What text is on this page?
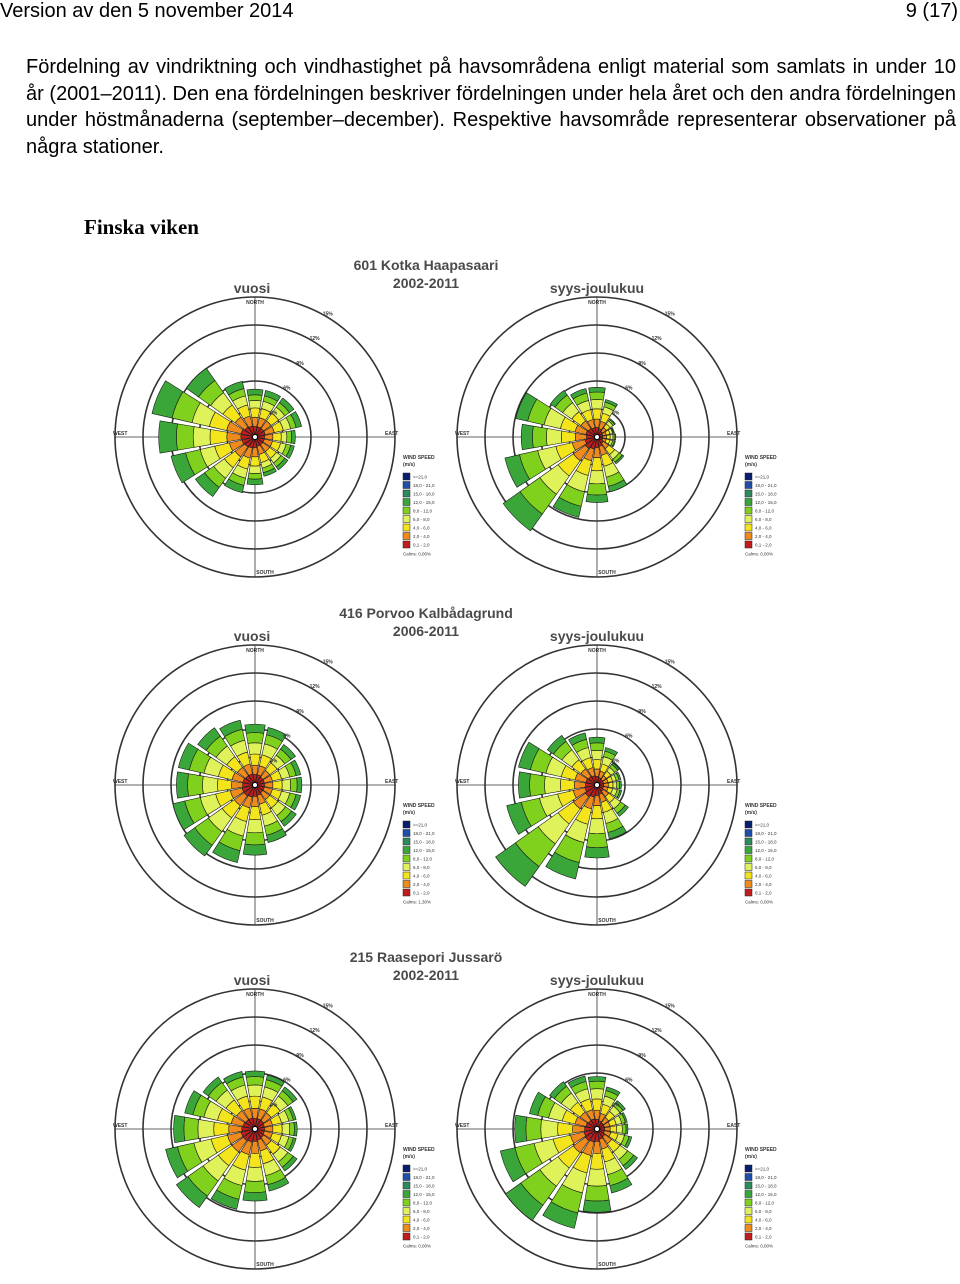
Version av den 5 november 2014	9 (17)

Fördelning av vindriktning och vindhastighet på havsområdena enligt material som samlats in under 10 år (2001–2011). Den ena fördelningen beskriver fördelningen under hela året och den andra fördelningen under höstmånaderna (september–december). Respektive havsområde representerar observationer på några stationer.

Finska viken
601 Kotka Haapasaari
2002-2011
vuosi
NORTH
SOUTH
WEST	EAST
3%
6%
9%
12%
15%
WIND SPEED
(m/s)
>=21,0
18,0 - 21,0
15,0 - 18,0
12,0 - 15,0
8,0 - 12,0
6,0 - 8,0
4,0 - 6,0
2,0 - 4,0
0,1 - 2,0
Calms: 0,00%
syys-joulukuu
NORTH
SOUTH
WEST	EAST
3%
6%
9%
12%
15%
WIND SPEED
(m/s)
>=21,0
18,0 - 21,0
15,0 - 18,0
12,0 - 15,0
8,0 - 12,0
6,0 - 8,0
4,0 - 6,0
2,0 - 4,0
0,1 - 2,0
Calms: 0,00%
416 Porvoo Kalbådagrund
2006-2011
vuosi
NORTH
SOUTH
WEST	EAST
3%
6%
9%
12%
15%
WIND SPEED
(m/s)
>=21,0
18,0 - 21,0
15,0 - 18,0
12,0 - 15,0
8,0 - 12,0
6,0 - 8,0
4,0 - 6,0
2,0 - 4,0
0,1 - 2,0
Calms: 1,30%
syys-joulukuu
NORTH
SOUTH
WEST	EAST
3%
6%
9%
12%
15%
WIND SPEED
(m/s)
>=21,0
18,0 - 21,0
15,0 - 18,0
12,0 - 15,0
8,0 - 12,0
6,0 - 8,0
4,0 - 6,0
2,0 - 4,0
0,1 - 2,0
Calms: 0,00%
215 Raasepori Jussarö
2002-2011
vuosi
NORTH
SOUTH
WEST	EAST
3%
6%
9%
12%
15%
WIND SPEED
(m/s)
>=21,0
18,0 - 21,0
15,0 - 18,0
12,0 - 15,0
8,0 - 12,0
6,0 - 8,0
4,0 - 6,0
2,0 - 4,0
0,1 - 2,0
Calms: 0,00%
syys-joulukuu
NORTH
SOUTH
WEST	EAST
3%
6%
9%
12%
15%
WIND SPEED
(m/s)
>=21,0
18,0 - 21,0
15,0 - 18,0
12,0 - 15,0
8,0 - 12,0
6,0 - 8,0
4,0 - 6,0
2,0 - 4,0
0,1 - 2,0
Calms: 0,00%
